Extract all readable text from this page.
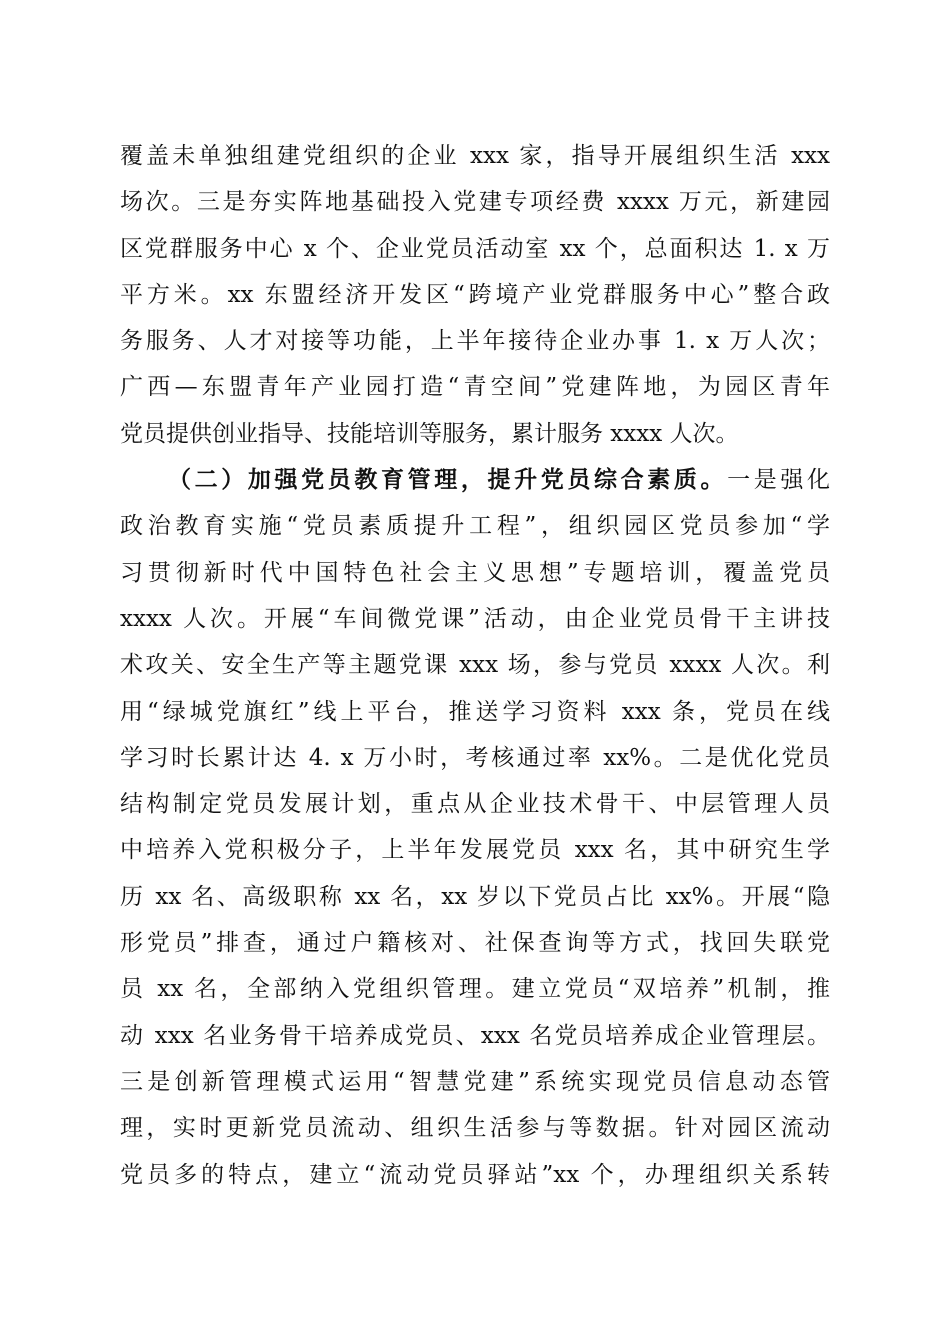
覆盖未单独组建党组织的企业 xxx 家，指导开展组织生活 xxx
场次。三是夯实阵地基础投入党建专项经费 xxxx 万元，新建园
区党群服务中心 x 个、企业党员活动室 xx 个，总面积达 1. x 万
平方米。xx 东盟经济开发区“跨境产业党群服务中心”整合政
务服务、人才对接等功能，上半年接待企业办事 1. x 万人次；
广西—东盟青年产业园打造“青空间”党建阵地，为园区青年
党员提供创业指导、技能培训等服务，累计服务 xxxx 人次。
（二）加强党员教育管理，提升党员综合素质。一是强化
政治教育实施“党员素质提升工程”，组织园区党员参加“学
习贯彻新时代中国特色社会主义思想”专题培训，覆盖党员
xxxx 人次。开展“车间微党课”活动，由企业党员骨干主讲技
术攻关、安全生产等主题党课 xxx 场，参与党员 xxxx 人次。利
用“绿城党旗红”线上平台，推送学习资料 xxx 条，党员在线
学习时长累计达 4. x 万小时，考核通过率 xx%。二是优化党员
结构制定党员发展计划，重点从企业技术骨干、中层管理人员
中培养入党积极分子，上半年发展党员 xxx 名，其中研究生学
历 xx 名、高级职称 xx 名，xx 岁以下党员占比 xx%。开展“隐
形党员”排查，通过户籍核对、社保查询等方式，找回失联党
员 xx 名，全部纳入党组织管理。建立党员“双培养”机制，推
动 xxx 名业务骨干培养成党员、xxx 名党员培养成企业管理层。
三是创新管理模式运用“智慧党建”系统实现党员信息动态管
理，实时更新党员流动、组织生活参与等数据。针对园区流动
党员多的特点，建立“流动党员驿站”xx 个，办理组织关系转
